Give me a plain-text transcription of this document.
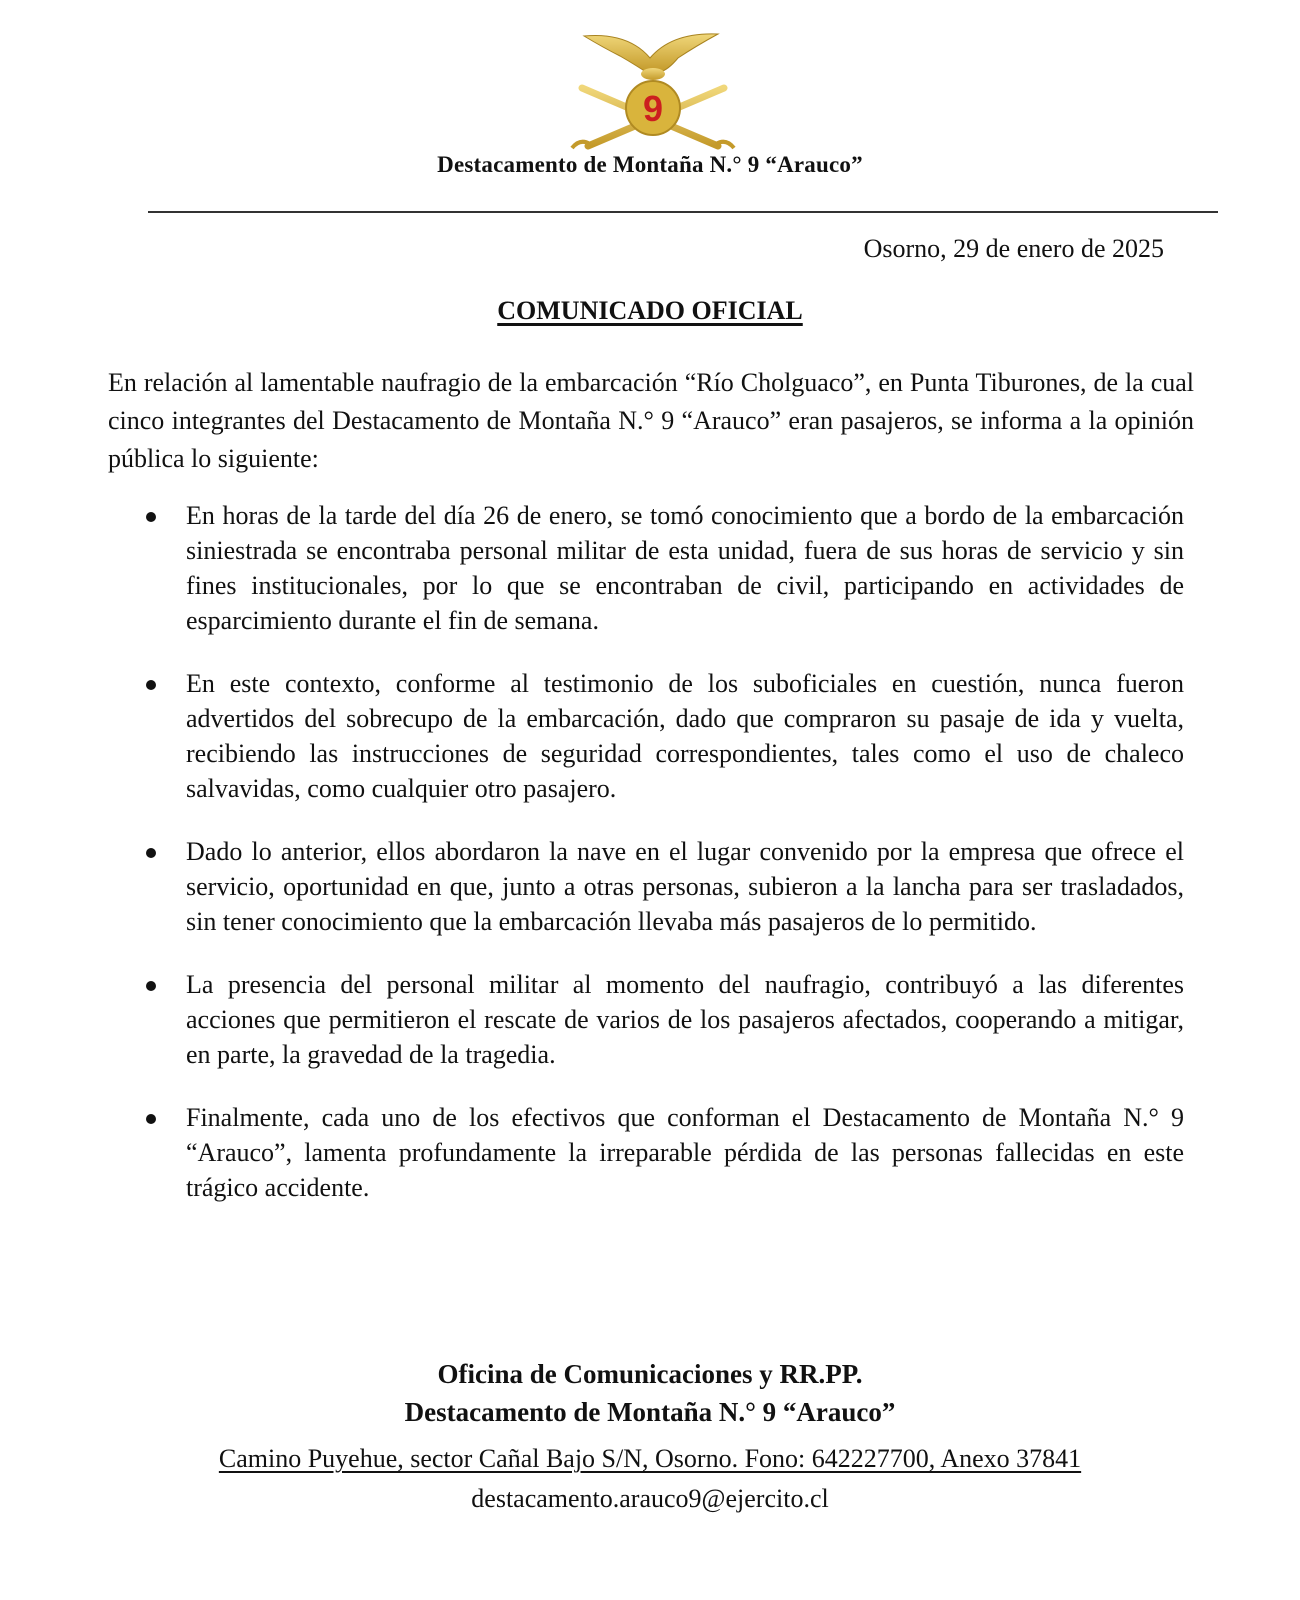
9
Destacamento de Montaña N.° 9 “Arauco”
Osorno, 29 de enero de 2025
COMUNICADO OFICIAL

En relación al lamentable naufragio de la embarcación “Río Cholguaco”, en Punta Tiburones, de la cual cinco integrantes del Destacamento de Montaña N.° 9 “Arauco” eran pasajeros, se informa a la opinión pública lo siguiente:

En horas de la tarde del día 26 de enero, se tomó conocimiento que a bordo de la embarcación siniestrada se encontraba personal militar de esta unidad, fuera de sus horas de servicio y sin fines institucionales, por lo que se encontraban de civil, participando en actividades de esparcimiento durante el fin de semana.
En este contexto, conforme al testimonio de los suboficiales en cuestión, nunca fueron advertidos del sobrecupo de la embarcación, dado que compraron su pasaje de ida y vuelta, recibiendo las instrucciones de seguridad correspondientes, tales como el uso de chaleco salvavidas, como cualquier otro pasajero.
Dado lo anterior, ellos abordaron la nave en el lugar convenido por la empresa que ofrece el servicio, oportunidad en que, junto a otras personas, subieron a la lancha para ser trasladados, sin tener conocimiento que la embarcación llevaba más pasajeros de lo permitido.
La presencia del personal militar al momento del naufragio, contribuyó a las diferentes acciones que permitieron el rescate de varios de los pasajeros afectados, cooperando a mitigar, en parte, la gravedad de la tragedia.
Finalmente, cada uno de los efectivos que conforman el Destacamento de Montaña N.° 9 “Arauco”, lamenta profundamente la irreparable pérdida de las personas fallecidas en este trágico accidente.
Oficina de Comunicaciones y RR.PP.
Destacamento de Montaña N.° 9 “Arauco”
Camino Puyehue, sector Cañal Bajo S/N, Osorno. Fono: 642227700, Anexo 37841
destacamento.arauco9@ejercito.cl
